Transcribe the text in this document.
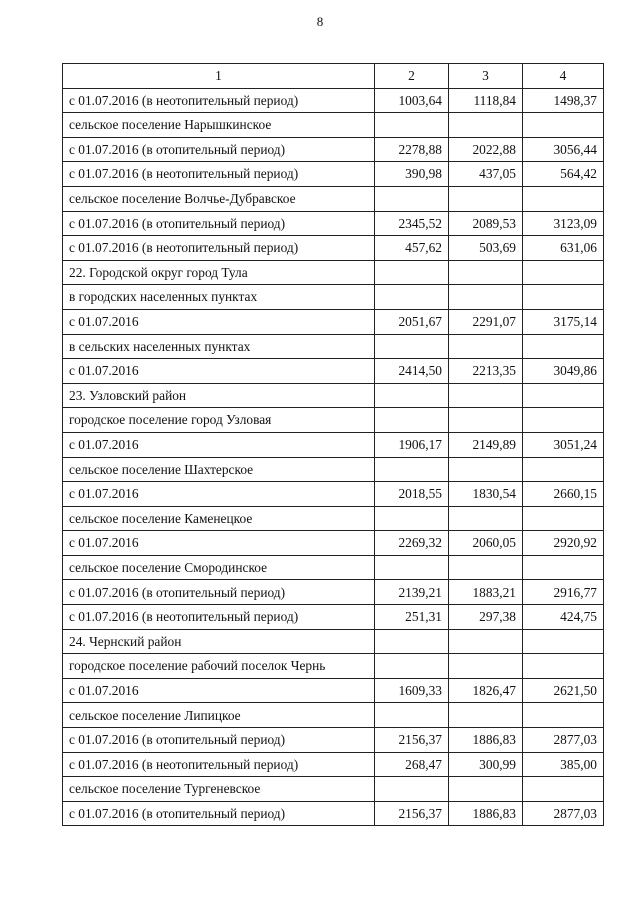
8
1	2	3	4
с 01.07.2016 (в неотопительный период)	1003,64	1118,84	1498,37
сельское поселение Нарышкинское			
с 01.07.2016 (в отопительный период)	2278,88	2022,88	3056,44
с 01.07.2016 (в неотопительный период)	390,98	437,05	564,42
сельское поселение Волчье-Дубравское			
с 01.07.2016 (в отопительный период)	2345,52	2089,53	3123,09
с 01.07.2016 (в неотопительный период)	457,62	503,69	631,06
22. Городской округ город Тула			
в городских населенных пунктах			
с 01.07.2016	2051,67	2291,07	3175,14
в сельских населенных пунктах			
с 01.07.2016	2414,50	2213,35	3049,86
23. Узловский район			
городское поселение город Узловая			
с 01.07.2016	1906,17	2149,89	3051,24
сельское поселение Шахтерское			
с 01.07.2016	2018,55	1830,54	2660,15
сельское поселение Каменецкое			
с 01.07.2016	2269,32	2060,05	2920,92
сельское поселение Смородинское			
с 01.07.2016 (в отопительный период)	2139,21	1883,21	2916,77
с 01.07.2016 (в неотопительный период)	251,31	297,38	424,75
24. Чернский район			
городское поселение рабочий поселок Чернь			
с 01.07.2016	1609,33	1826,47	2621,50
сельское поселение Липицкое			
с 01.07.2016 (в отопительный период)	2156,37	1886,83	2877,03
с 01.07.2016 (в неотопительный период)	268,47	300,99	385,00
сельское поселение Тургеневское			
с 01.07.2016 (в отопительный период)	2156,37	1886,83	2877,03
